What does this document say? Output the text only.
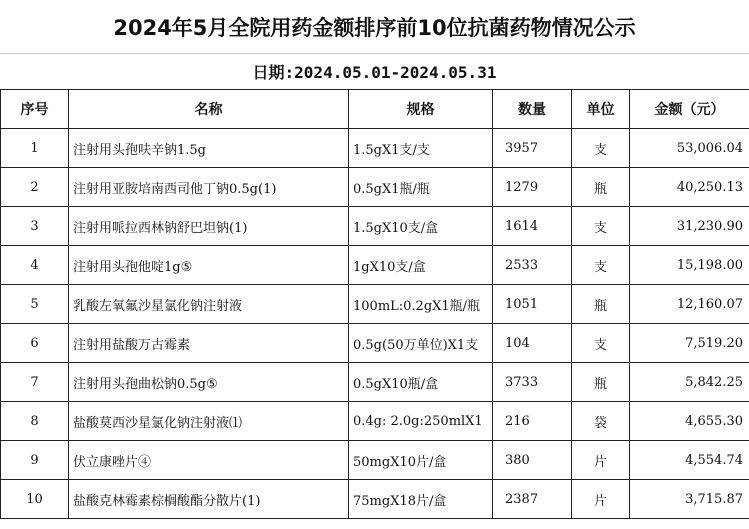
2024年5月全院用药金额排序前10位抗菌药物情况公示
日期:2024.05.01-2024.05.31
序号	名称	规格	数量	单位	金额（元）
1	注射用头孢呋辛钠1.5g	1.5gX1支/支	3957	支	53,006.04
2	注射用亚胺培南西司他丁钠0.5g(1)	0.5gX1瓶/瓶	1279	瓶	40,250.13
3	注射用哌拉西林钠舒巴坦钠(1)	1.5gX10支/盒	1614	支	31,230.90
4	注射用头孢他啶1g⑤	1gX10支/盒	2533	支	15,198.00
5	乳酸左氧氟沙星氯化钠注射液	100mL:0.2gX1瓶/瓶	1051	瓶	12,160.07
6	注射用盐酸万古霉素	0.5g(50万单位)X1支	104	支	7,519.20
7	注射用头孢曲松钠0.5g⑤	0.5gX10瓶/盒	3733	瓶	5,842.25
8	盐酸莫西沙星氯化钠注射液⑴	0.4g: 2.0g:250mlX1	216	袋	4,655.30
9	伏立康唑片④	50mgX10片/盒	380	片	4,554.74
10	盐酸克林霉素棕榈酸酯分散片(1)	75mgX18片/盒	2387	片	3,715.87
